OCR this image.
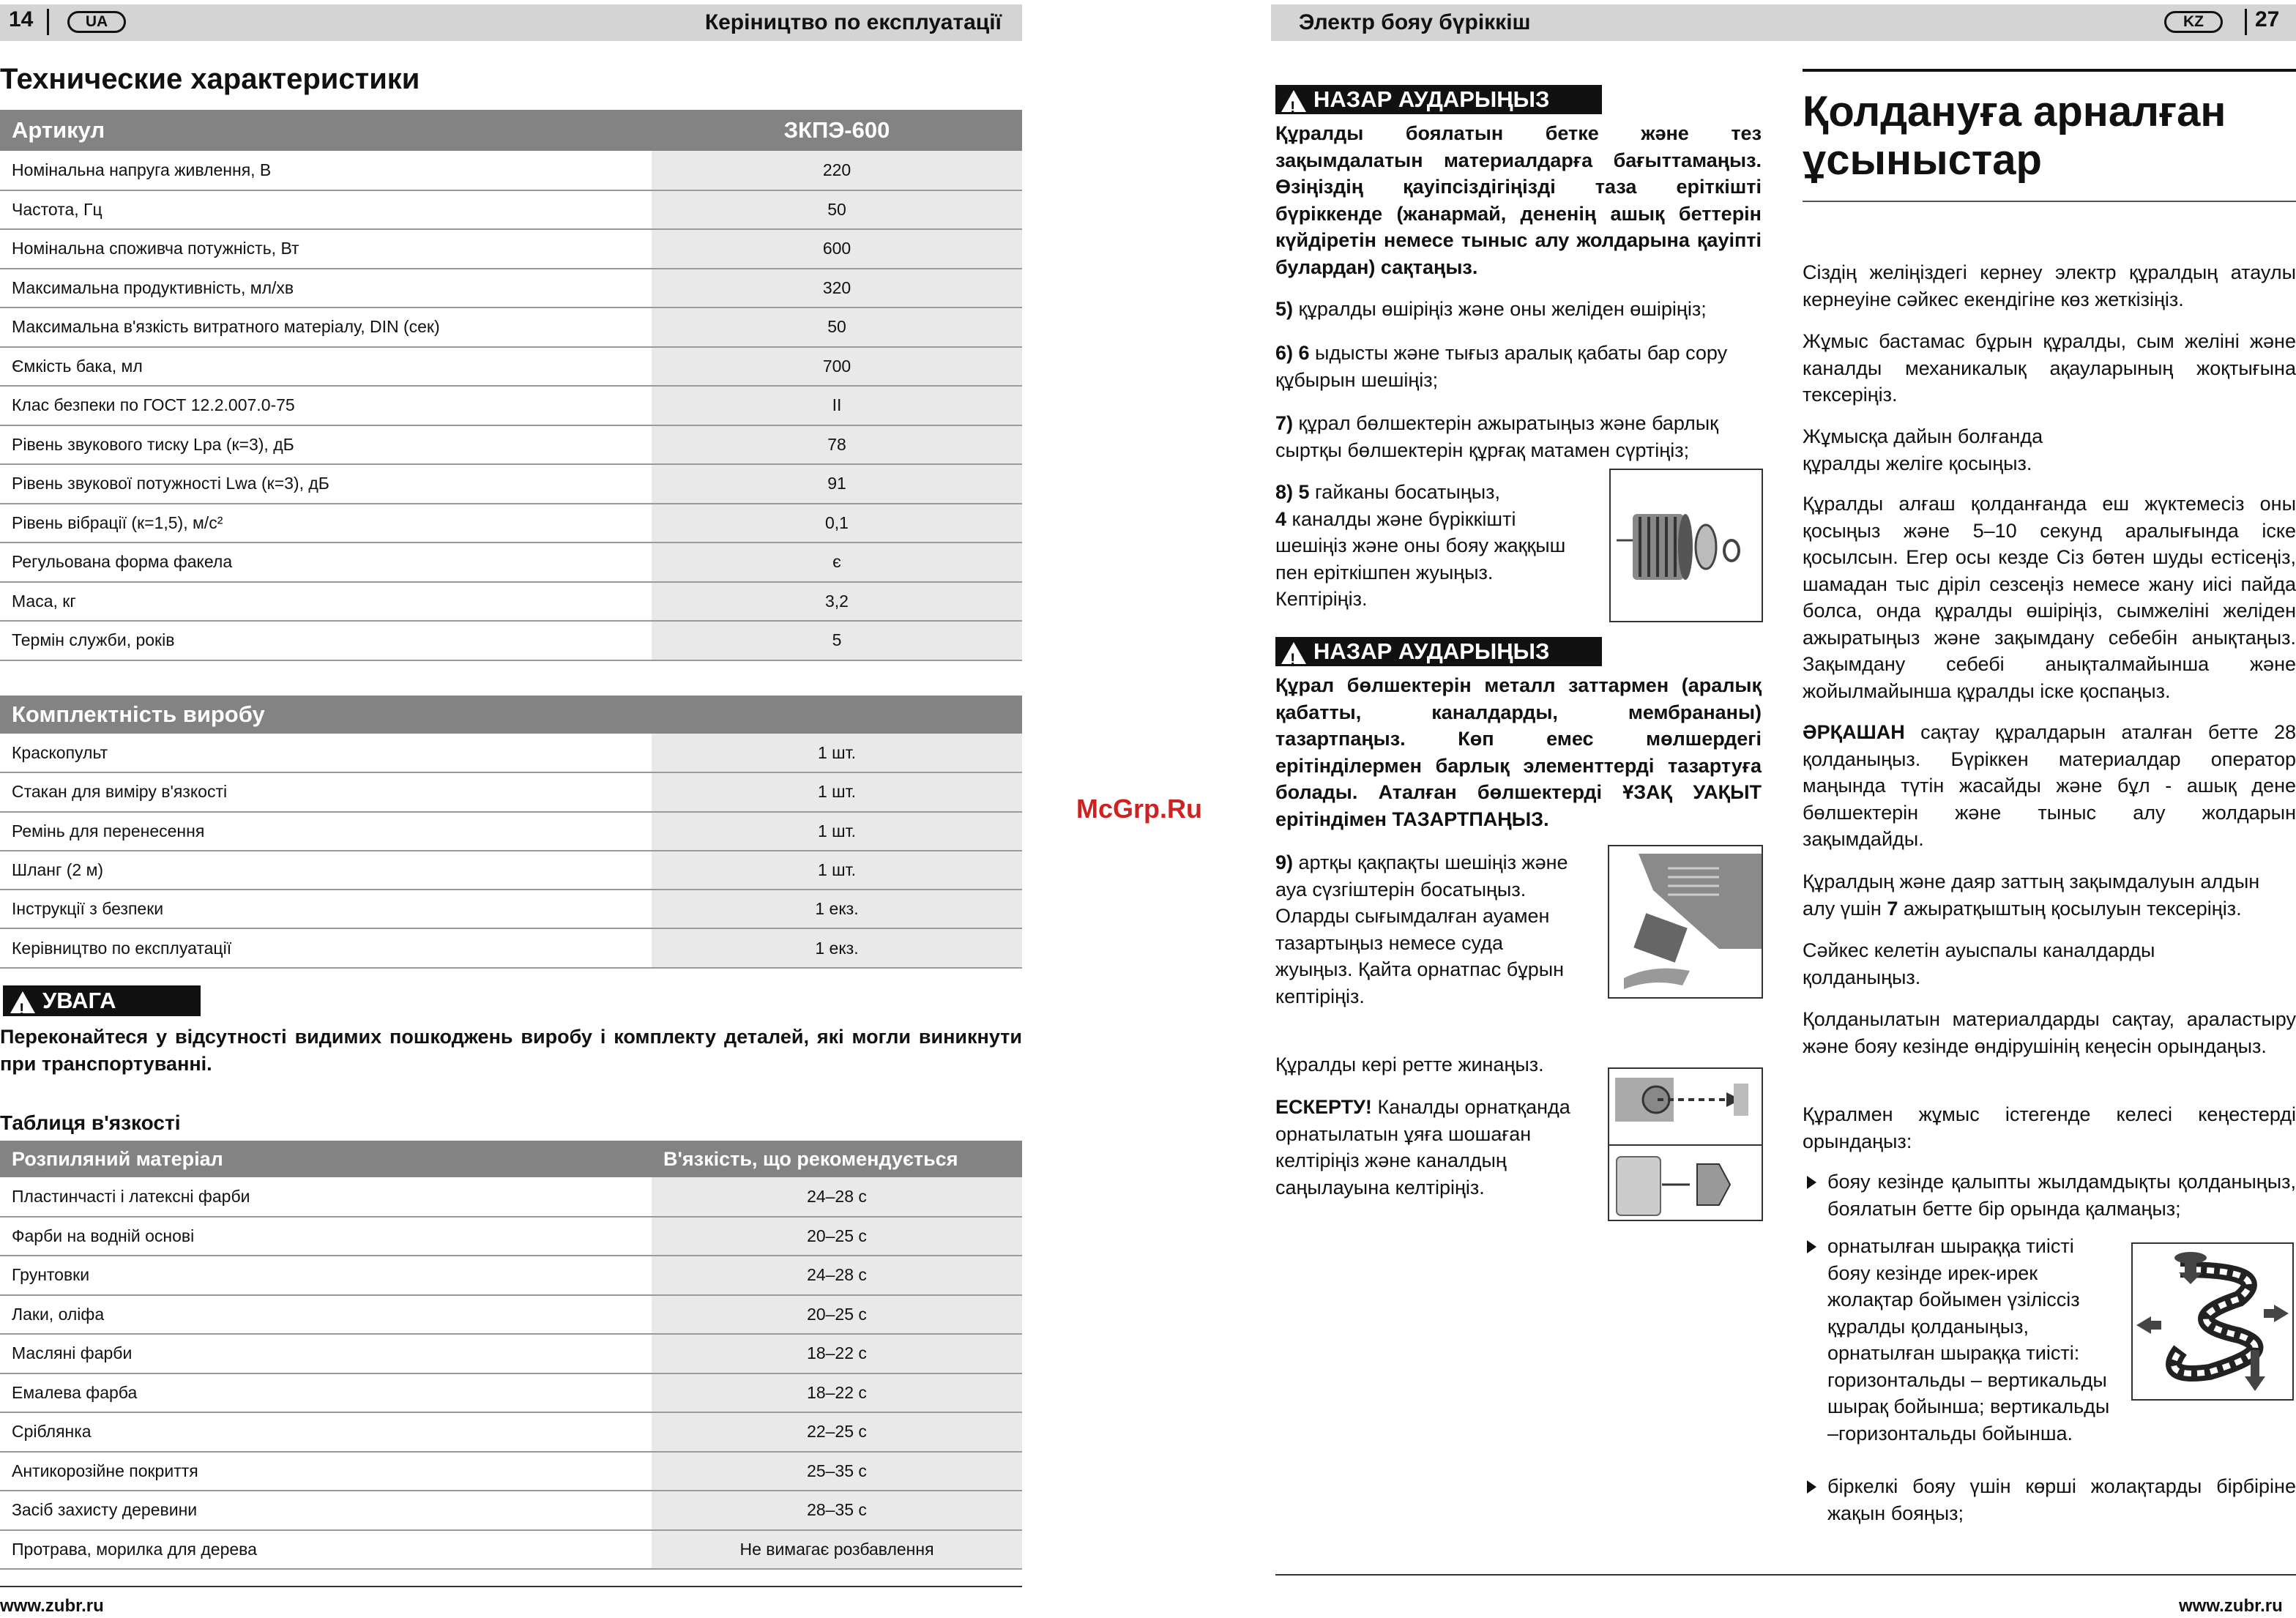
14	UA	Керіництво по експлуатації
Технические характеристики
Артикул	ЗКПЭ-600
Номінальна напруга живлення, В	220
Частота, Гц	50
Номінальна споживча потужність, Вт	600
Максимальна продуктивність, мл/хв	320
Максимальна в'язкість витратного матеріалу, DIN (сек)	50
Ємкість бака, мл	700
Клас безпеки по ГОСТ 12.2.007.0-75	II
Рівень звукового тиску Lpa (к=3), дБ	78
Рівень звукової потужності Lwa (к=3), дБ	91
Рівень вібрації (к=1,5), м/с²	0,1
Регульована форма факела	є
Маса, кг	3,2
Термін служби, років	5
Комплектність виробу	
Краскопульт	1 шт.
Стакан для виміру в'язкості	1 шт.
Ремінь для перенесення	1 шт.
Шланг (2 м)	1 шт.
Інструкції з безпеки	1 екз.
Керівництво по експлуатації	1 екз.
!УВАГА
Переконайтеся у відсутності видимих пошкоджень виробу і комплекту деталей, які могли виникнути при транспортуванні.
Таблиця в'язкості
Розпиляний матеріал	В'язкість, що рекомендується
Пластинчасті і латексні фарби	24–28 с
Фарби на водній основі	20–25 с
Грунтовки	24–28 с
Лаки, оліфа	20–25 с
Масляні фарби	18–22 с
Емалева фарба	18–22 с
Сріблянка	22–25 с
Антикорозійне покриття	25–35 с
Засіб захисту деревини	28–35 с
Протрава, морилка для дерева	Не вимагає розбавлення
www.zubr.ru
McGrp.Ru
Электр бояу бүріккіш	KZ	27
!НАЗАР АУДАРЫҢЫЗ
Құралды боялатын бетке және тез зақымдалатын материалдарға бағыттамаңыз. Өзіңіздің қауіпсіздігіңізді таза ерiткiштi бүріккенде (жанармай, дененің ашық беттерін күйдіретін немесе тыныс алу жолдарына қауіпті булардан) сақтаңыз.
5) құралды өшіріңіз және оны желіден өшіріңіз;
6) 6 ыдысты және тығыз аралық қабаты бар сору құбырын шешіңіз;
7) құрал бөлшектерін ажыратыңыз және барлық сыртқы бөлшектерін құрғақ матамен сүртіңіз;
8) 5 гайканы босатыңыз,
4 каналды және бүріккішті шешіңіз және оны бояу жаққыш пен ерiткiшпен жуыңыз. Кептіріңіз.
!НАЗАР АУДАРЫҢЫЗ
Құрал бөлшектерін металл заттармен (аралық қабатты, каналдарды, мембрананы) тазартпаңыз. Көп емес мөлшердегі ерітінділермен барлық элементтерді тазартуға болады. Аталған бөлшектерді ҰЗАҚ УАҚЫТ ерітіндімен ТАЗАРТПАҢЫЗ.
9) артқы қақпақты шешіңіз және ауа сүзгіштерін босатыңыз. Оларды сығымдалған ауамен тазартыңыз немесе суда жуыңыз. Қайта орнатпас бұрын кептіріңіз.
Құралды кері ретте жинаңыз.
ЕСКЕРТУ! Каналды орнатқанда орнатылатын ұяға шошаған келтіріңіз және каналдың саңылауына келтіріңіз.
Қолдануға арналған
ұсыныстар
Сіздің желіңіздегі кернеу электр құралдың атаулы кернеуіне сәйкес екендігіне көз жеткізіңіз.
Жұмыс бастамас бұрын құралды, сым желіні және каналды механикалық ақауларының жоқтығына тексеріңіз.
Жұмысқа дайын болғанда құралды желіге қосыңыз.
Құралды алғаш қолданғанда еш жүктемесіз оны қосыңыз және 5–10 секунд аралығында іске қосылсын. Егер осы кезде Сіз бөтен шуды естісеңіз, шамадан тыс діріл сезсеңіз немесе жану иісі пайда болса, онда құралды өшіріңіз, сымжеліні желіден ажыратыңыз және зақымдану себебін анықтаңыз. Зақымдану себебі анықталмайынша және жойылмайынша құралды іске қоспаңыз.
ӘРҚАШАН сақтау құралдарын аталған бетте 28 қолданыңыз. Бүріккен материалдар оператор маңында түтін жасайды және бұл - ашық дене бөлшектерін және тыныс алу жолдарын зақымдайды.
Құралдың және даяр заттың зақымдалуын алдын алу үшін 7 ажыратқыштың қосылуын тексеріңіз.
Сәйкес келетін ауыспалы каналдарды қолданыңыз.
Қолданылатын материалдарды сақтау, араластыру және бояу кезінде өндірушінің кеңесін орындаңыз.
Құралмен жұмыс істегенде келесі кеңестерді орындаңыз:
бояу кезінде қалыпты жылдамдықты қолданыңыз, боялатын бетте бір орында қалмаңыз;
орнатылған шыраққа тиісті бояу кезінде ирек-ирек жолақтар бойымен үзіліссіз құралды қолданыңыз, орнатылған шыраққа тиісті: горизонтальды – вертикальды шырақ бойынша; вертикальды –горизонтальды бойынша.
біркелкі бояу үшін көрші жолақтарды бірбіріне жақын бояңыз;
www.zubr.ru
